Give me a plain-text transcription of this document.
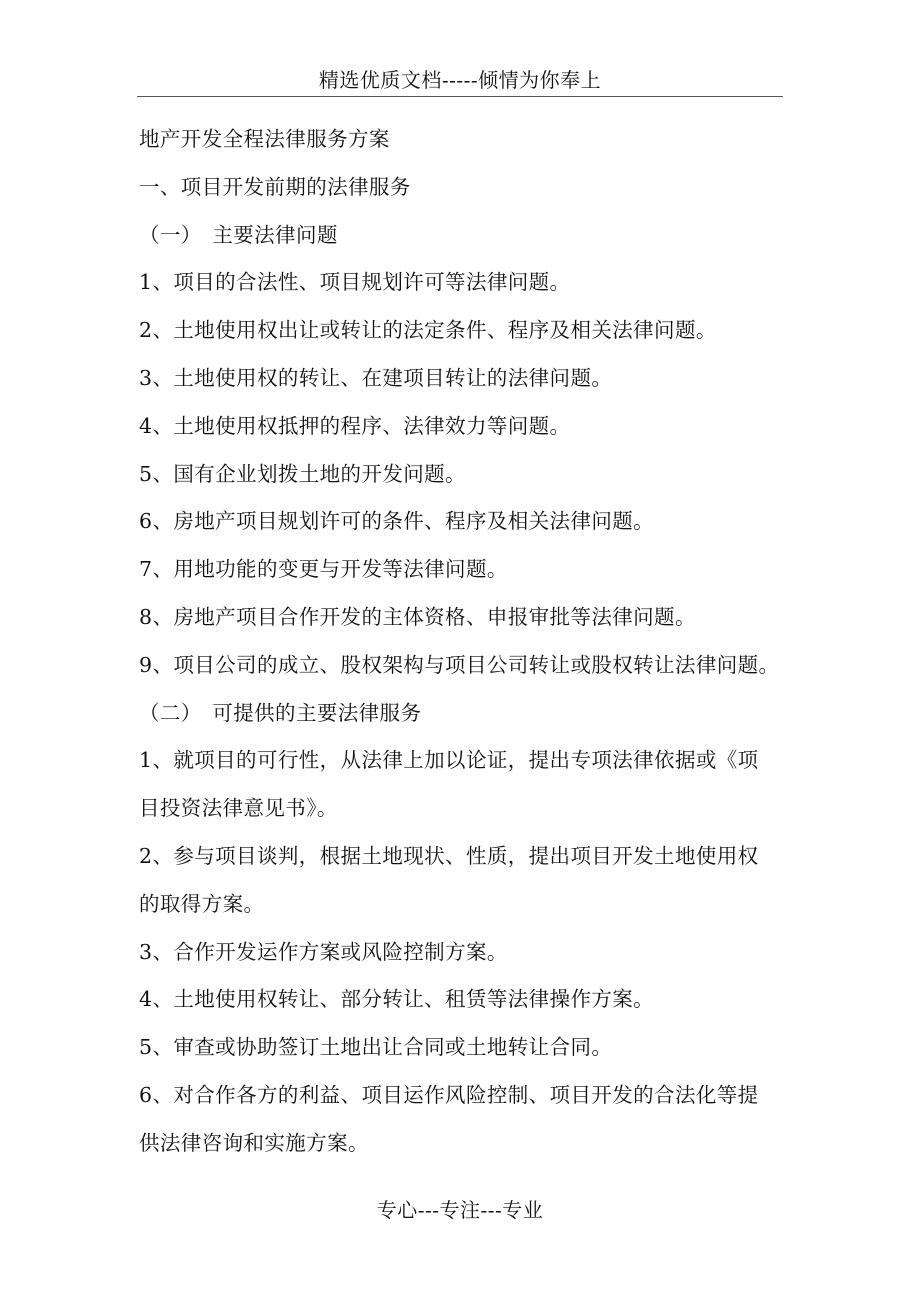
精选优质文档-----倾情为你奉上
地产开发全程法律服务方案
一、项目开发前期的法律服务
（一）　主要法律问题
1、项目的合法性、项目规划许可等法律问题。
2、土地使用权出让或转让的法定条件、程序及相关法律问题。
3、土地使用权的转让、在建项目转让的法律问题。
4、土地使用权抵押的程序、法律效力等问题。
5、国有企业划拨土地的开发问题。
6、房地产项目规划许可的条件、程序及相关法律问题。
7、用地功能的变更与开发等法律问题。
8、房地产项目合作开发的主体资格、申报审批等法律问题。
9、项目公司的成立、股权架构与项目公司转让或股权转让法律问题。
（二）　可提供的主要法律服务
1、就项目的可行性，从法律上加以论证，提出专项法律依据或《项
目投资法律意见书》。
2、参与项目谈判，根据土地现状、性质，提出项目开发土地使用权
的取得方案。
3、合作开发运作方案或风险控制方案。
4、土地使用权转让、部分转让、租赁等法律操作方案。
5、审查或协助签订土地出让合同或土地转让合同。
6、对合作各方的利益、项目运作风险控制、项目开发的合法化等提
供法律咨询和实施方案。
专心---专注---专业
